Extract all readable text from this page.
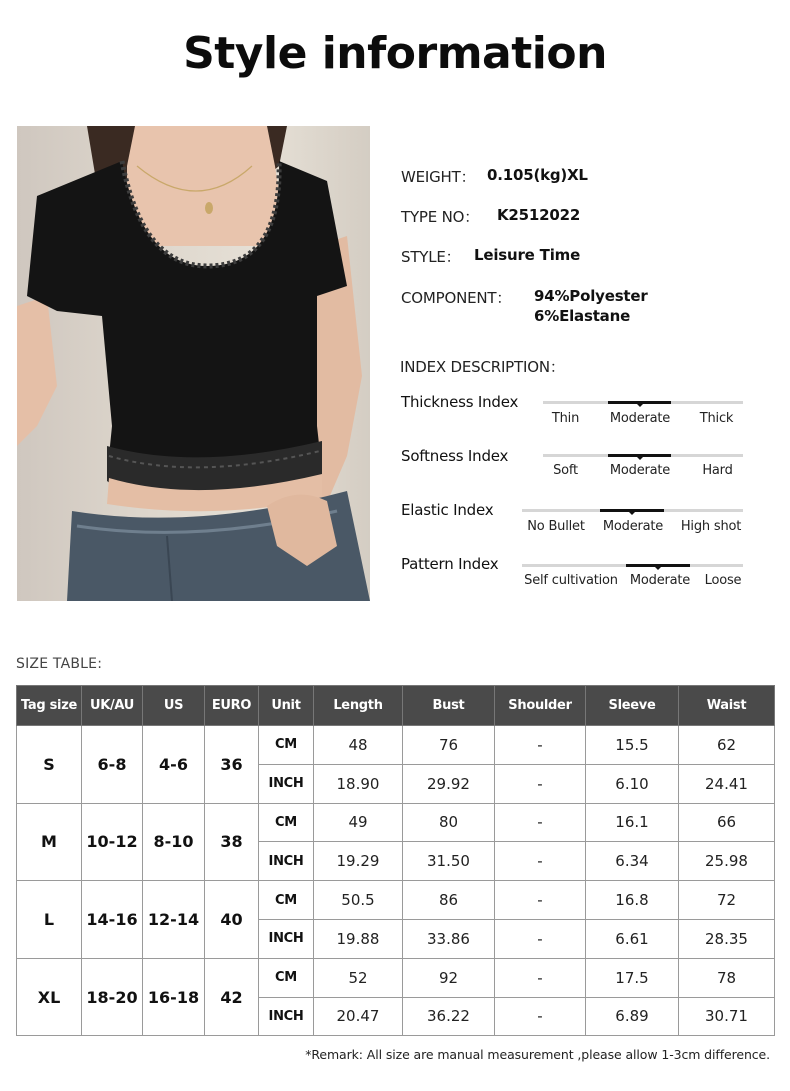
Style information
WEIGHT： 0.105(kg)XL
TYPE NO： K2512022
STYLE： Leisure Time
COMPONENT： 94%Polyester
6%Elastane
INDEX DESCRIPTION：
Thickness Index
Thin	Moderate	Thick
Softness Index
Soft	Moderate	Hard
Elastic Index
No Bullet	Moderate	High shot
Pattern Index
Self cultivation Moderate	Loose
SIZE TABLE:
Tag size	UK/AU	US	EURO	Unit	Length	Bust	Shoulder	Sleeve	Waist
S	6-8	4-6	36	CM	48	76	-	15.5	62
				INCH	18.90	29.92	-	6.10	24.41
M	10-12	8-10	38	CM	49	80	-	16.1	66
				INCH	19.29	31.50	-	6.34	25.98
L	14-16	12-14	40	CM	50.5	86	-	16.8	72
				INCH	19.88	33.86	-	6.61	28.35
XL	18-20	16-18	42	CM	52	92	-	17.5	78
				INCH	20.47	36.22	-	6.89	30.71
*Remark: All size are manual measurement ,please allow 1-3cm difference.
